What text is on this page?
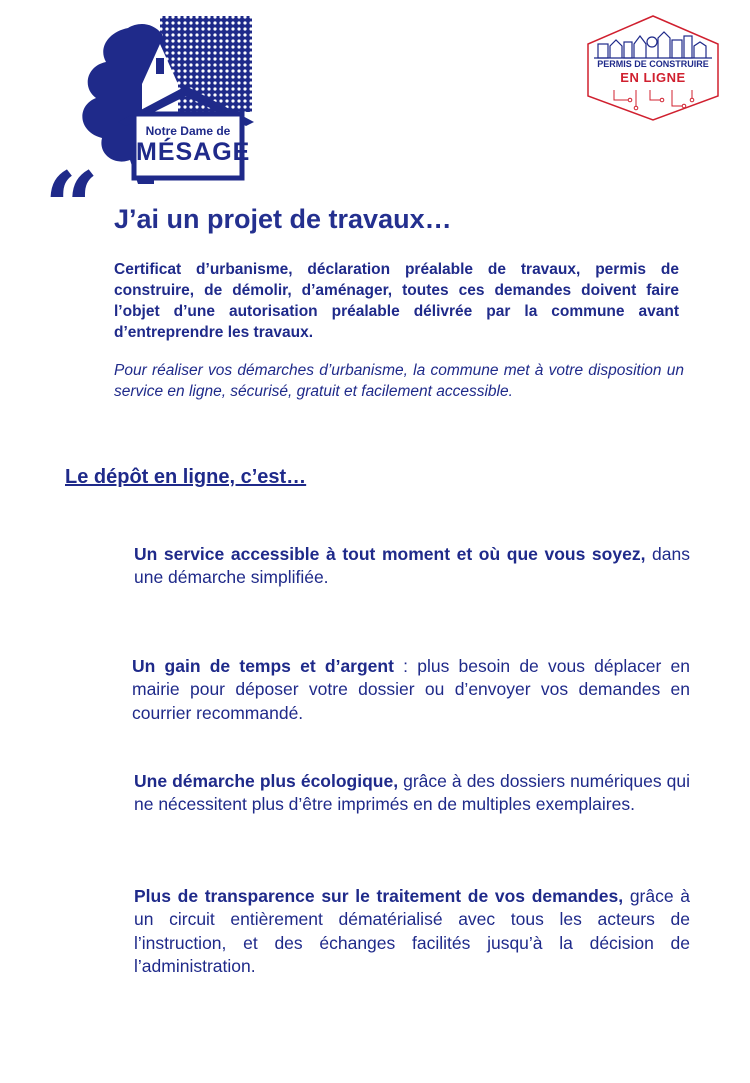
Notre Dame de
MÉSAGE
PERMIS DE CONSTRUIRE
EN LIGNE
“ J’ai un projet de travaux…

Certificat d’urbanisme, déclaration préalable de travaux, permis de construire, de démolir, d’aménager, toutes ces demandes doivent faire l’objet d’une autorisation préalable délivrée par la commune avant d’entreprendre les travaux.

Pour réaliser vos démarches d’urbanisme, la commune met à votre disposition un service en ligne, sécurisé, gratuit et facilement accessible.

Le dépôt en ligne, c’est…

Un service accessible à tout moment et où que vous soyez, dans une démarche simplifiée.

Un gain de temps et d’argent : plus besoin de vous déplacer en mairie pour déposer votre dossier ou d’envoyer vos demandes en courrier recommandé.

Une démarche plus écologique, grâce à des dossiers numériques qui ne nécessitent plus d’être imprimés en de multiples exemplaires.

Plus de transparence sur le traitement de vos demandes, grâce à un circuit entièrement dématérialisé avec tous les acteurs de l’instruction, et des échanges facilités jusqu’à la décision de l’administration.
